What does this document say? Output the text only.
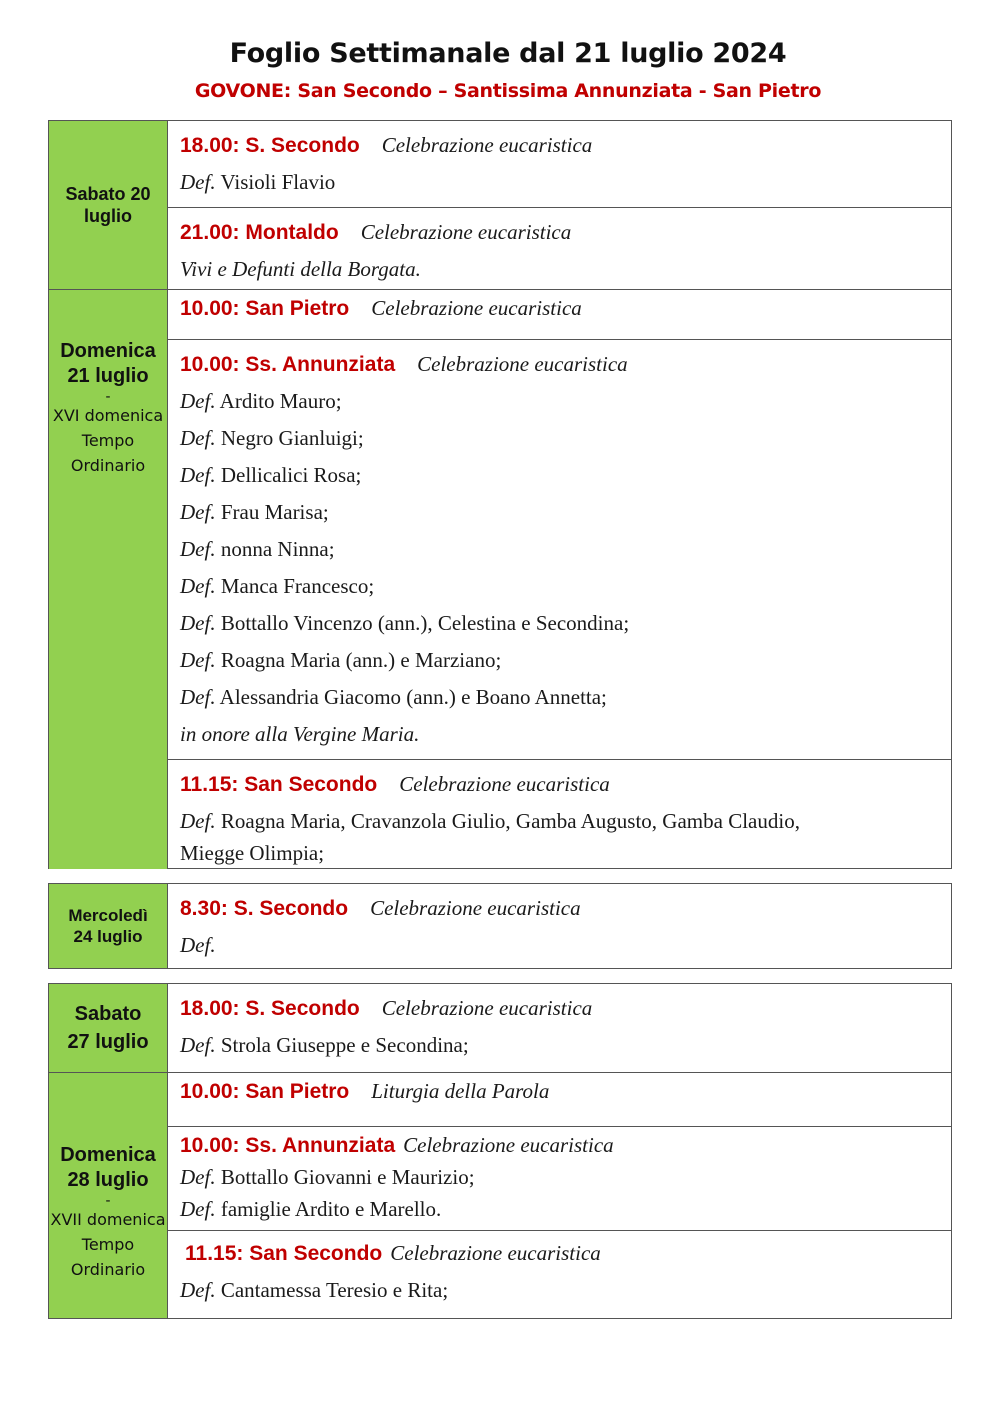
Foglio Settimanale dal 21 luglio 2024
GOVONE: San Secondo – Santissima Annunziata - San Pietro
Sabato 20
luglio
Domenica
21 luglio
-
XVI domenica
Tempo
Ordinario
18.00: S. Secondo Celebrazione eucaristica
Def. Visioli Flavio
21.00: Montaldo Celebrazione eucaristica
Vivi e Defunti della Borgata.
10.00: San Pietro Celebrazione eucaristica
10.00: Ss. Annunziata Celebrazione eucaristica
Def. Ardito Mauro;
Def. Negro Gianluigi;
Def. Dellicalici Rosa;
Def. Frau Marisa;
Def. nonna Ninna;
Def. Manca Francesco;
Def. Bottallo Vincenzo (ann.), Celestina e Secondina;
Def. Roagna Maria (ann.) e Marziano;
Def. Alessandria Giacomo (ann.) e Boano Annetta;
in onore alla Vergine Maria.
11.15: San Secondo Celebrazione eucaristica
Def. Roagna Maria, Cravanzola Giulio, Gamba Augusto, Gamba Claudio,
Miegge Olimpia;
Mercoledì
24 luglio
8.30: S. Secondo Celebrazione eucaristica
Def.
Sabato
27 luglio
Domenica
28 luglio
-
XVII domenica
Tempo
Ordinario
18.00: S. Secondo Celebrazione eucaristica
Def. Strola Giuseppe e Secondina;
10.00: San Pietro Liturgia della Parola
10.00: Ss. Annunziata Celebrazione eucaristica
Def. Bottallo Giovanni e Maurizio;
Def. famiglie Ardito e Marello.
11.15: San Secondo Celebrazione eucaristica
Def. Cantamessa Teresio e Rita;
